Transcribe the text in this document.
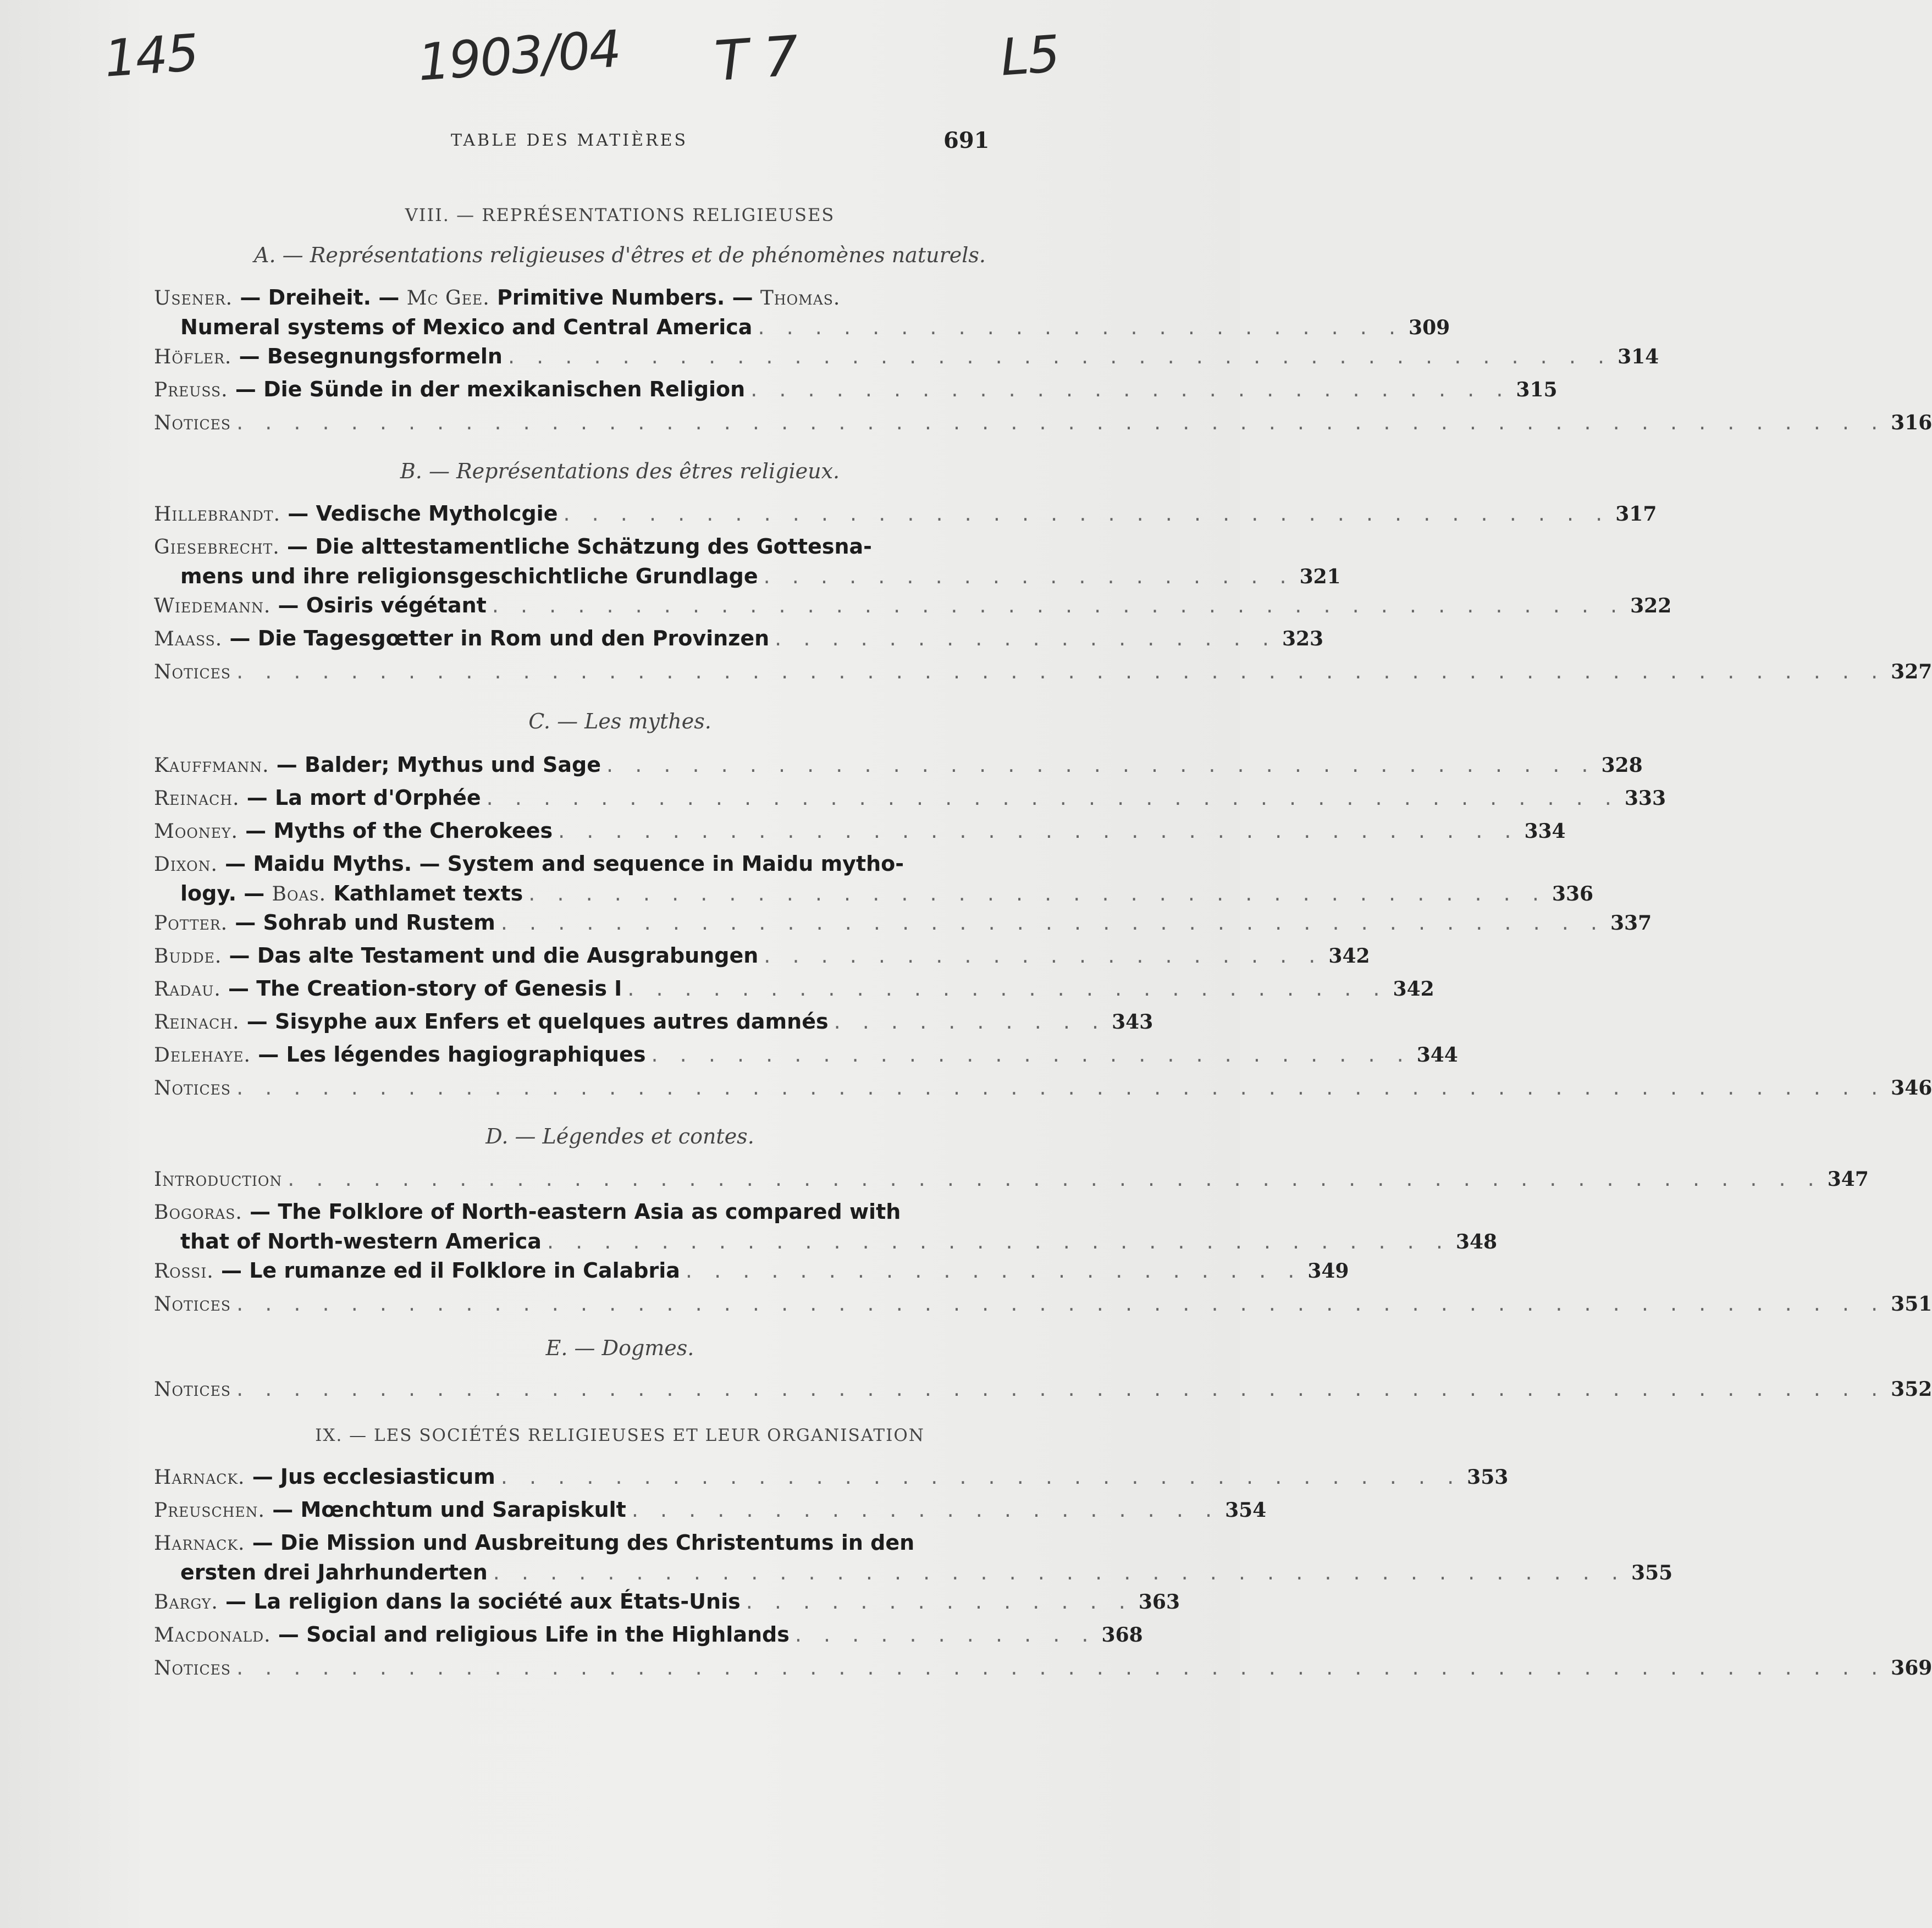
145	1903/04 T 7	L5
TABLE DES MATIÈRES	691
VIII. — REPRÉSENTATIONS RELIGIEUSES
A. — Représentations religieuses d'êtres et de phénomènes naturels.
Usener. — Dreiheit. — Mc Gee. Primitive Numbers. — Thomas.
Numeral systems of Mexico and Central America . . . . . . . . . . . . . . . . . . . . . . . 309
Höfler. — Besegnungsformeln . . . . . . . . . . . . . . . . . . . . . . . . . . . . . . . . . . . . . . . 314
Preuss. — Die Sünde in der mexikanischen Religion . . . . . . . . . . . . . . . . . . . . . . . . . . . 315
Notices . . . . . . . . . . . . . . . . . . . . . . . . . . . . . . . . . . . . . . . . . . . . . . . . . . . . . . . . . . 316
B. — Représentations des êtres religieux.
Hillebrandt. — Vedische Mytholcgie . . . . . . . . . . . . . . . . . . . . . . . . . . . . . . . . . . . . . 317
Giesebrecht. — Die alttestamentliche Schätzung des Gottesna-
mens und ihre religionsgeschichtliche Grundlage . . . . . . . . . . . . . . . . . . . 321
Wiedemann. — Osiris végétant . . . . . . . . . . . . . . . . . . . . . . . . . . . . . . . . . . . . . . . . 322
Maass. — Die Tagesgœtter in Rom und den Provinzen . . . . . . . . . . . . . . . . . . 323
Notices . . . . . . . . . . . . . . . . . . . . . . . . . . . . . . . . . . . . . . . . . . . . . . . . . . . . . . . . . . 327
C. — Les mythes.
Kauffmann. — Balder; Mythus und Sage . . . . . . . . . . . . . . . . . . . . . . . . . . . . . . . . . . . 328
Reinach. — La mort d'Orphée . . . . . . . . . . . . . . . . . . . . . . . . . . . . . . . . . . . . . . . . 333
Mooney. — Myths of the Cherokees . . . . . . . . . . . . . . . . . . . . . . . . . . . . . . . . . . 334
Dixon. — Maidu Myths. — System and sequence in Maidu mytho-
logy. — Boas. Kathlamet texts . . . . . . . . . . . . . . . . . . . . . . . . . . . . . . . . . . . . 336
Potter. — Sohrab und Rustem . . . . . . . . . . . . . . . . . . . . . . . . . . . . . . . . . . . . . . . 337
Budde. — Das alte Testament und die Ausgrabungen . . . . . . . . . . . . . . . . . . . . 342
Radau. — The Creation-story of Genesis I . . . . . . . . . . . . . . . . . . . . . . . . . . . 342
Reinach. — Sisyphe aux Enfers et quelques autres damnés . . . . . . . . . . 343
Delehaye. — Les légendes hagiographiques . . . . . . . . . . . . . . . . . . . . . . . . . . . 344
Notices . . . . . . . . . . . . . . . . . . . . . . . . . . . . . . . . . . . . . . . . . . . . . . . . . . . . . . . . . . 346
D. — Légendes et contes.
Introduction . . . . . . . . . . . . . . . . . . . . . . . . . . . . . . . . . . . . . . . . . . . . . . . . . . . . . . 347
Bogoras. — The Folklore of North-eastern Asia as compared with
that of North-western America . . . . . . . . . . . . . . . . . . . . . . . . . . . . . . . . 348
Rossi. — Le rumanze ed il Folklore in Calabria . . . . . . . . . . . . . . . . . . . . . . 349
Notices . . . . . . . . . . . . . . . . . . . . . . . . . . . . . . . . . . . . . . . . . . . . . . . . . . . . . . . . . . 351
E. — Dogmes.
Notices . . . . . . . . . . . . . . . . . . . . . . . . . . . . . . . . . . . . . . . . . . . . . . . . . . . . . . . . . . 352
IX. — LES SOCIÉTÉS RELIGIEUSES ET LEUR ORGANISATION
Harnack. — Jus ecclesiasticum . . . . . . . . . . . . . . . . . . . . . . . . . . . . . . . . . . 353
Preuschen. — Mœnchtum und Sarapiskult . . . . . . . . . . . . . . . . . . . . . 354
Harnack. — Die Mission und Ausbreitung des Christentums in den
ersten drei Jahrhunderten . . . . . . . . . . . . . . . . . . . . . . . . . . . . . . . . . . . . . . . . 355
Bargy. — La religion dans la société aux États-Unis . . . . . . . . . . . . . . 363
Macdonald. — Social and religious Life in the Highlands . . . . . . . . . . . 368
Notices . . . . . . . . . . . . . . . . . . . . . . . . . . . . . . . . . . . . . . . . . . . . . . . . . . . . . . . . . . 369
